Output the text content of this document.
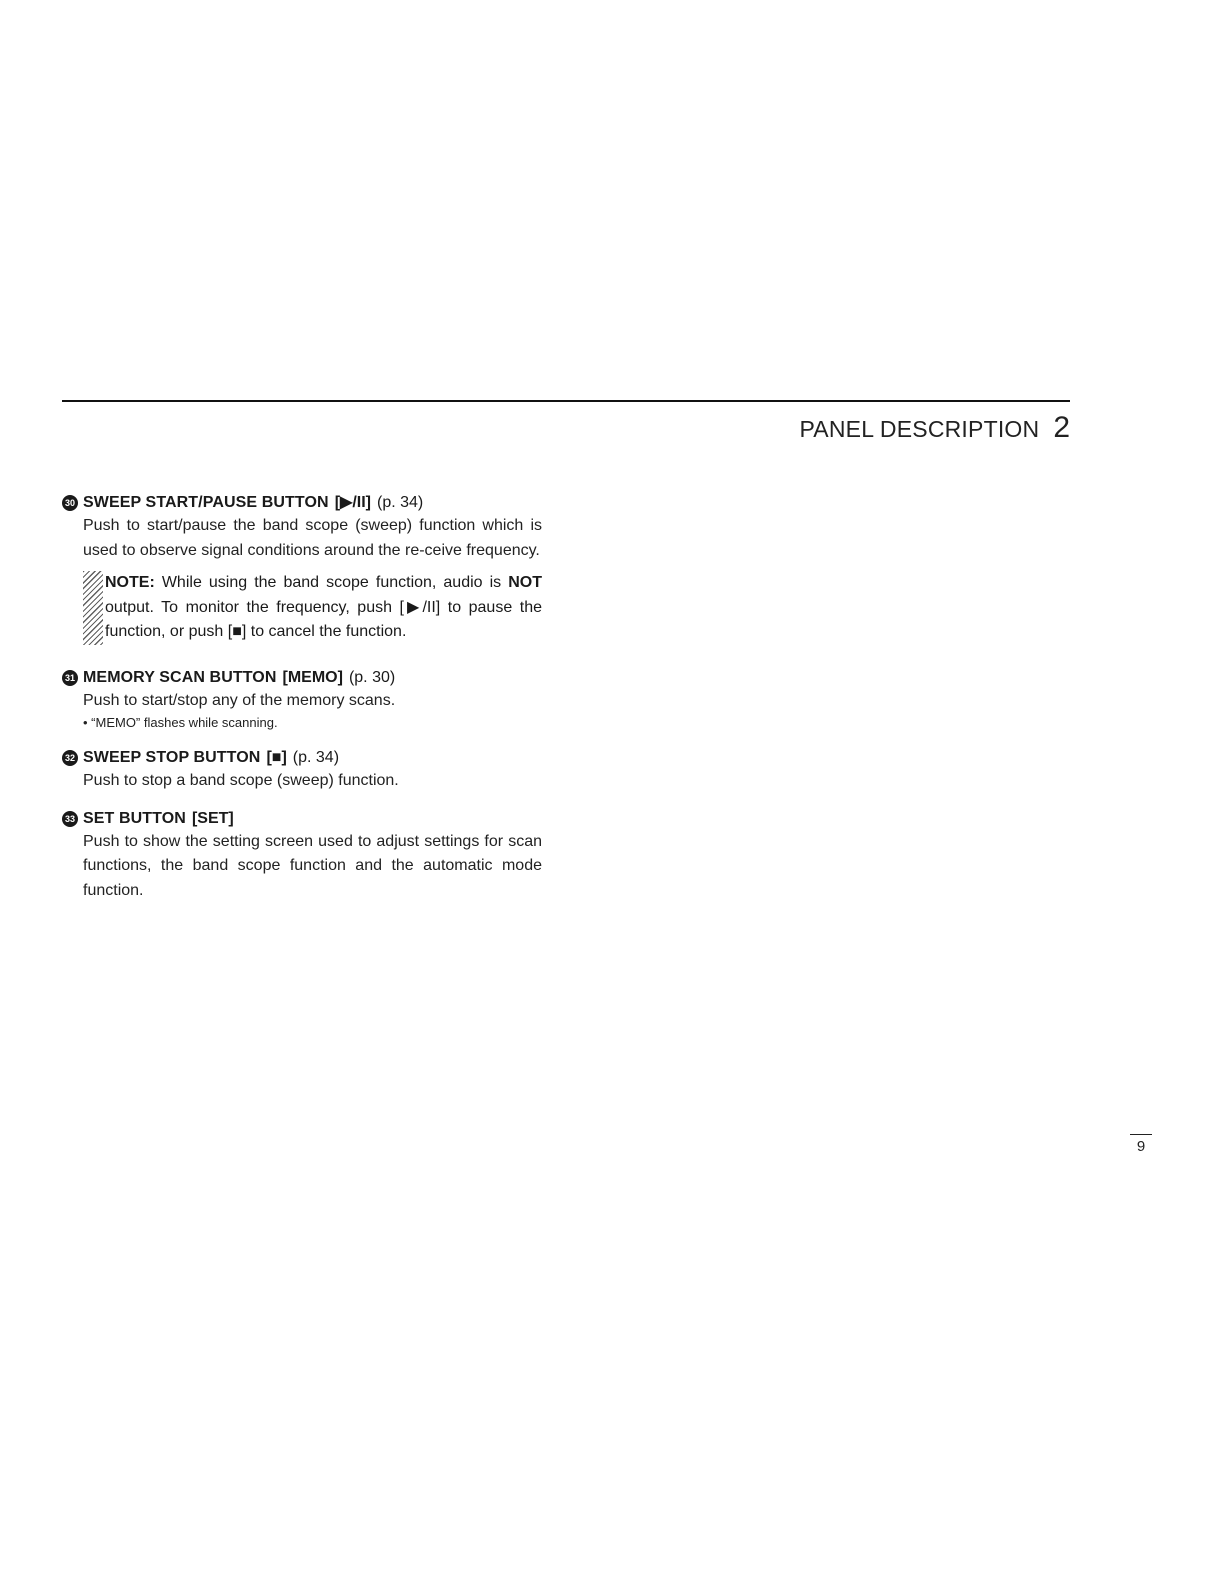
PANEL DESCRIPTION 2
30 SWEEP START/PAUSE BUTTON [▶/II] (p. 34)
Push to start/pause the band scope (sweep) function which is used to observe signal conditions around the re-ceive frequency.
NOTE: While using the band scope function, audio is NOT output. To monitor the frequency, push [▶/II] to pause the function, or push [■] to cancel the function.
31 MEMORY SCAN BUTTON [MEMO] (p. 30)
Push to start/stop any of the memory scans.
• “MEMO” flashes while scanning.
32 SWEEP STOP BUTTON [■] (p. 34)
Push to stop a band scope (sweep) function.
33 SET BUTTON [SET]
Push to show the setting screen used to adjust settings for scan functions, the band scope function and the automatic mode function.
9
